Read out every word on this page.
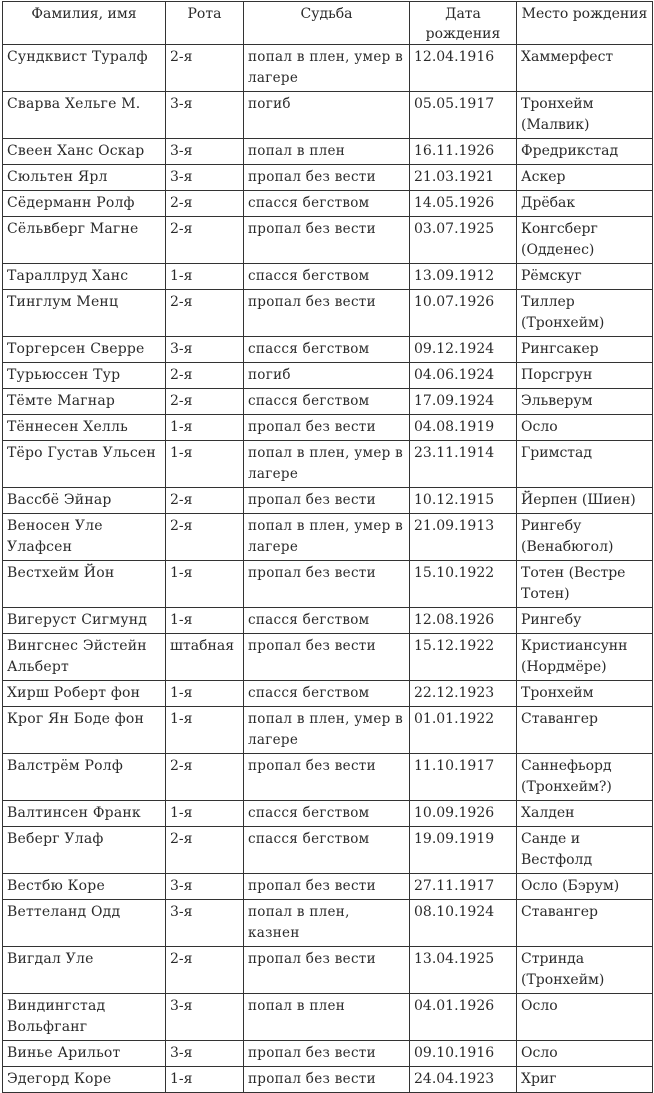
Фамилия, имя	Рота	Судьба	Дата рождения	Место рождения
Сундквист Туралф	2-я	попал в плен, умер в лагере	12.04.1916	Хаммерфест
Сварва Хельге М.	3-я	погиб	05.05.1917	Тронхейм (Малвик)
Свеен Ханс Оскар	3-я	попал в плен	16.11.1926	Фредрикстад
Сюльтен Ярл	3-я	пропал без вести	21.03.1921	Аскер
Сёдерманн Ролф	2-я	спасся бегством	14.05.1926	Дрёбак
Сёльвберг Магне	2-я	пропал без вести	03.07.1925	Конгсберг (Одденес)
Тараллруд Ханс	1-я	спасся бегством	13.09.1912	Рёмскуг
Тинглум Менц	2-я	пропал без вести	10.07.1926	Тиллер (Тронхейм)
Торгерсен Сверре	3-я	спасся бегством	09.12.1924	Рингсакер
Турьюссен Тур	2-я	погиб	04.06.1924	Порсгрун
Тёмте Магнар	2-я	спасся бегством	17.09.1924	Эльверум
Тённесен Хелль	1-я	пропал без вести	04.08.1919	Осло
Тёро Густав Ульсен	1-я	попал в плен, умер в лагере	23.11.1914	Гримстад
Вассбё Эйнар	2-я	пропал без вести	10.12.1915	Йерпен (Шиен)
Веносен Уле Улафсен	2-я	попал в плен, умер в лагере	21.09.1913	Рингебу (Венабюгол)
Вестхейм Йон	1-я	пропал без вести	15.10.1922	Тотен (Вестре Тотен)
Вигеруст Сигмунд	1-я	спасся бегством	12.08.1926	Рингебу
Вингснес Эйстейн Альберт	штабная	пропал без вести	15.12.1922	Кристиансунн (Нордмёре)
Хирш Роберт фон	1-я	спасся бегством	22.12.1923	Тронхейм
Крог Ян Боде фон	1-я	попал в плен, умер в лагере	01.01.1922	Ставангер
Валстрём Ролф	2-я	пропал без вести	11.10.1917	Саннефьорд (Тронхейм?)
Валтинсен Франк	1-я	спасся бегством	10.09.1926	Халден
Веберг Улаф	2-я	спасся бегством	19.09.1919	Санде и Вестфолд
Вестбю Коре	3-я	пропал без вести	27.11.1917	Осло (Бэрум)
Веттеланд Одд	3-я	попал в плен, казнен	08.10.1924	Ставангер
Вигдал Уле	2-я	пропал без вести	13.04.1925	Стринда (Тронхейм)
Виндингстад Вольфганг	3-я	попал в плен	04.01.1926	Осло
Винье Арильот	3-я	пропал без вести	09.10.1916	Осло
Эдегорд Коре	1-я	пропал без вести	24.04.1923	Хриг
